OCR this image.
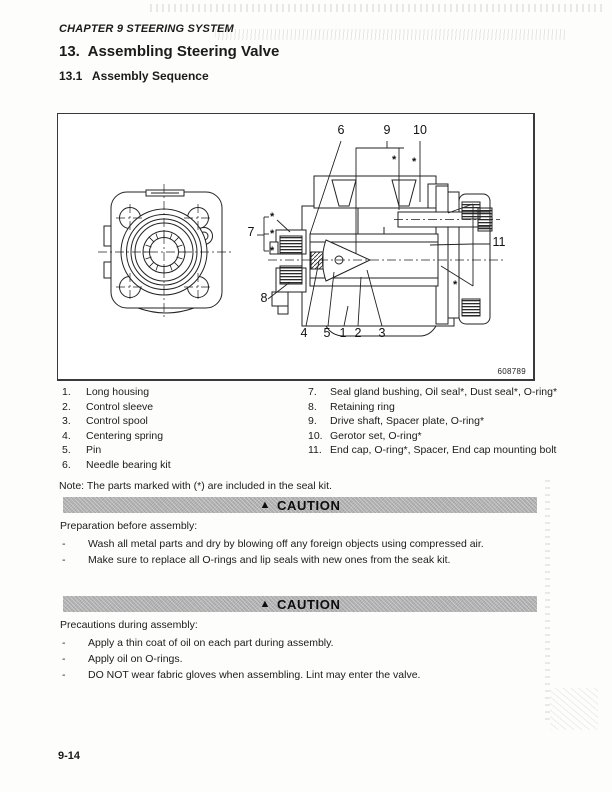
CHAPTER 9 STEERING SYSTEM
13.  Assembling Steering Valve
13.1   Assembly Sequence
6	9 10
7
8
11
4 5 1 2 3
*
*
*
* *
*
608789
1.	Long housing
2.	Control sleeve
3.	Control spool
4.	Centering spring
5.	Pin
6.	Needle bearing kit
7.	Seal gland bushing, Oil seal*, Dust seal*, O-ring*
8.	Retaining ring
9.	Drive shaft, Spacer plate, O-ring*
10. Gerotor set, O-ring*
11. End cap, O-ring*, Spacer, End cap mounting bolt
Note: The parts marked with (*) are included in the seal kit.
▲ CAUTION
Preparation before assembly:
-	Wash all metal parts and dry by blowing off any foreign objects using compressed air.
-	Make sure to replace all O-rings and lip seals with new ones from the seak kit.
▲ CAUTION
Precautions during assembly:
-	Apply a thin coat of oil on each part during assembly.
-	Apply oil on O-rings.
-	DO NOT wear fabric gloves when assembling. Lint may enter the valve.
9-14
